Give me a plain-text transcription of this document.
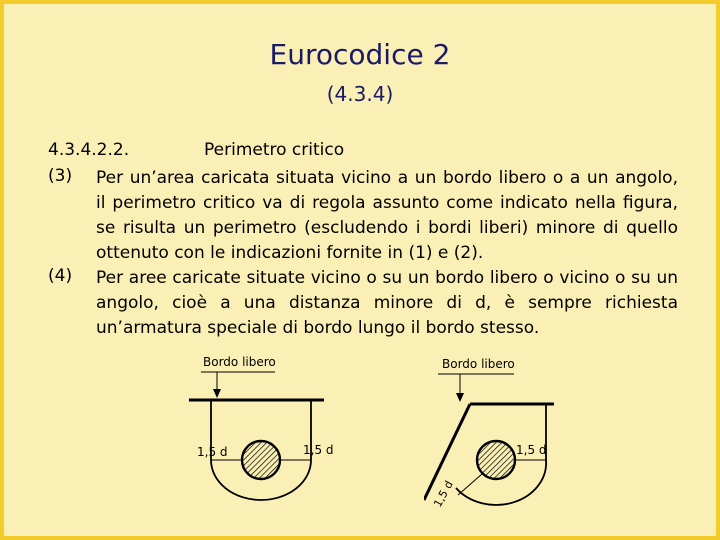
Eurocodice 2
(4.3.4)
4.3.4.2.2.	Perimetro critico
(3) Per un’area caricata situata vicino a un bordo libero o a un angolo, il perimetro critico va di regola assunto come indicato nella figura, se risulta un perimetro (escludendo i bordi liberi) minore di quello ottenuto con le indicazioni fornite in (1) e (2).
(4) Per aree caricate situate vicino o su un bordo libero o vicino o su un angolo, cioè a una distanza minore di d, è sempre richiesta un’armatura speciale di bordo lungo il bordo stesso.
Bordo libero
1,5 d	1,5 d
Bordo libero
1,5 d
1,5 d
